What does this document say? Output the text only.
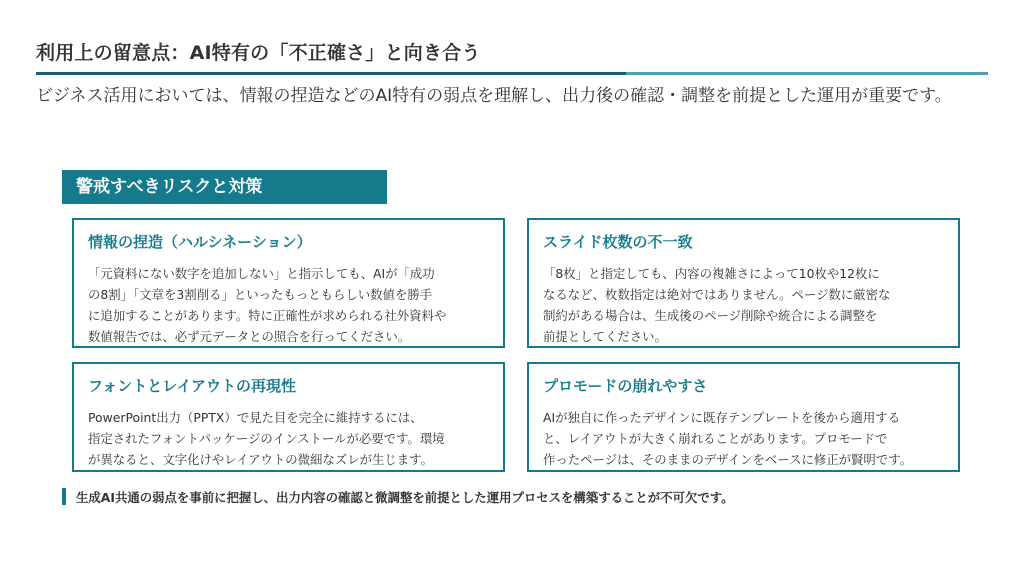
利用上の留意点：AI特有の「不正確さ」と向き合う
ビジネス活用においては、情報の捏造などのAI特有の弱点を理解し、出力後の確認・調整を前提とした運用が重要です。
警戒すべきリスクと対策
情報の捏造（ハルシネーション）
「元資料にない数字を追加しない」と指示しても、AIが「成功
の8割」「文章を3割削る」といったもっともらしい数値を勝手
に追加することがあります。特に正確性が求められる社外資料や
数値報告では、必ず元データとの照合を行ってください。
スライド枚数の不一致
「8枚」と指定しても、内容の複雑さによって10枚や12枚に
なるなど、枚数指定は絶対ではありません。ページ数に厳密な
制約がある場合は、生成後のページ削除や統合による調整を
前提としてください。
フォントとレイアウトの再現性
PowerPoint出力（PPTX）で見た目を完全に維持するには、
指定されたフォントパッケージのインストールが必要です。環境
が異なると、文字化けやレイアウトの微細なズレが生じます。
プロモードの崩れやすさ
AIが独自に作ったデザインに既存テンプレートを後から適用する
と、レイアウトが大きく崩れることがあります。プロモードで
作ったページは、そのままのデザインをベースに修正が賢明です。
生成AI共通の弱点を事前に把握し、出力内容の確認と微調整を前提とした運用プロセスを構築することが不可欠です。
